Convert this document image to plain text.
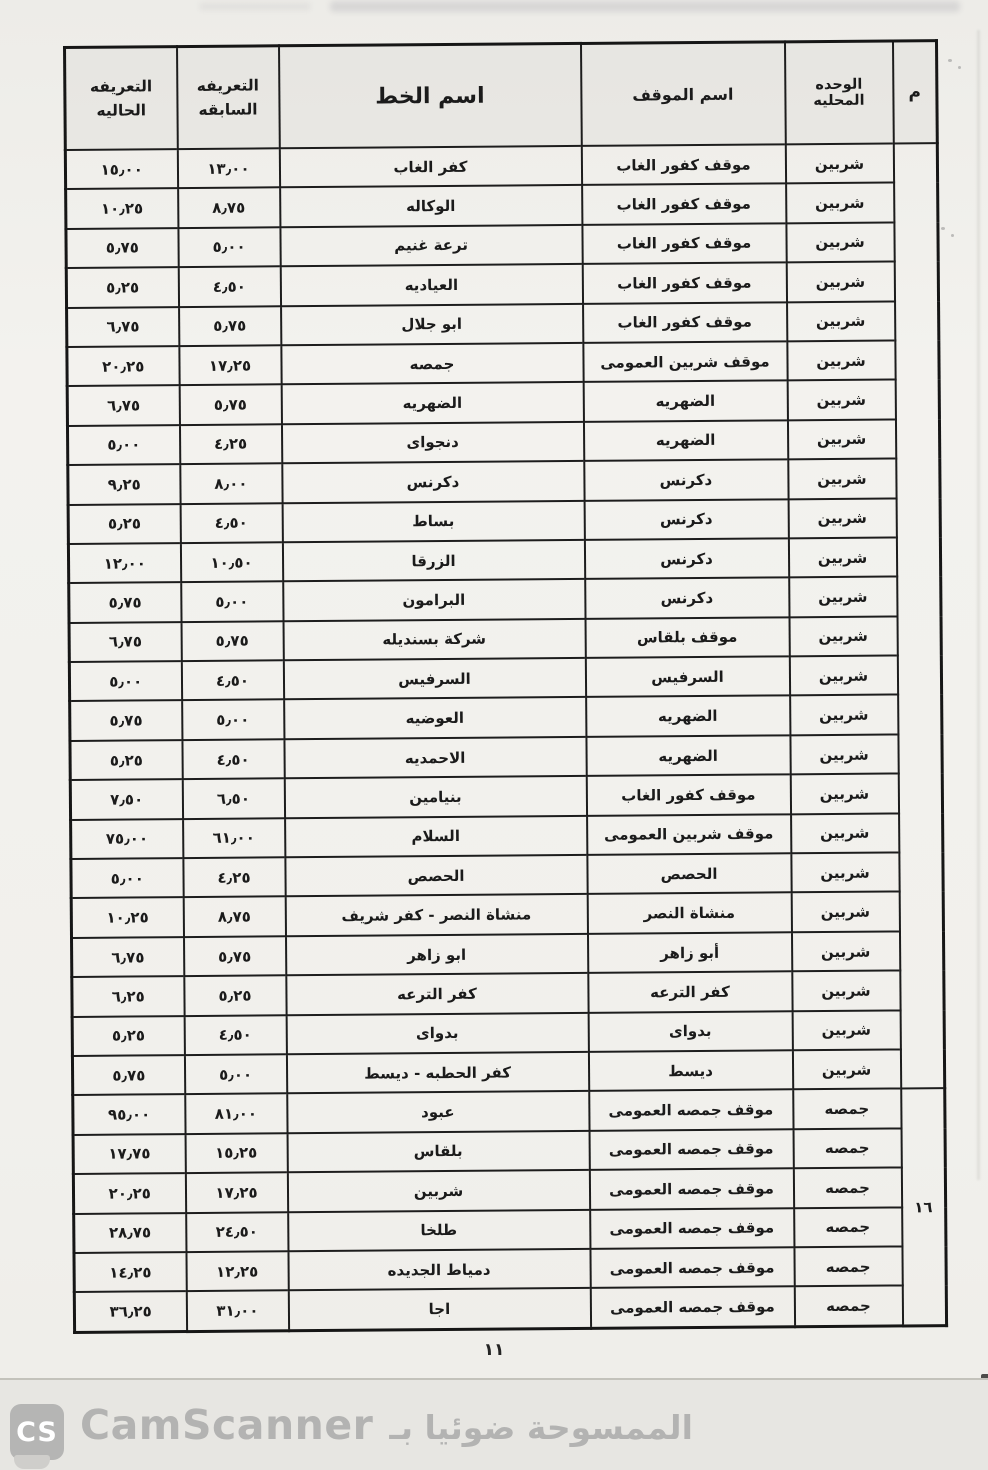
م	الوحده المحليه	اسم الموقف	اسم الخط	التعريفه السابقه	التعريفه الحاليه
	شربين	موقف كفور الغاب	كفر الغاب	١٣٫٠٠	١٥٫٠٠
	شربين	موقف كفور الغاب	الوكاله	٨٫٧٥	١٠٫٢٥
	شربين	موقف كفور الغاب	ترعة غنيم	٥٫٠٠	٥٫٧٥
	شربين	موقف كفور الغاب	العياديه	٤٫٥٠	٥٫٢٥
	شربين	موقف كفور الغاب	ابو جلال	٥٫٧٥	٦٫٧٥
	شربين	موقف شربين العمومى	جمصه	١٧٫٢٥	٢٠٫٢٥
	شربين	الضهريه	الضهريه	٥٫٧٥	٦٫٧٥
	شربين	الضهريه	دنجواى	٤٫٢٥	٥٫٠٠
	شربين	دكرنس	دكرنس	٨٫٠٠	٩٫٢٥
	شربين	دكرنس	بساط	٤٫٥٠	٥٫٢٥
	شربين	دكرنس	الزرقا	١٠٫٥٠	١٢٫٠٠
	شربين	دكرنس	البرامون	٥٫٠٠	٥٫٧٥
	شربين	موقف بلقاس	شركة بسنديله	٥٫٧٥	٦٫٧٥
	شربين	السرفيس	السرفيس	٤٫٥٠	٥٫٠٠
	شربين	الضهريه	العوضيه	٥٫٠٠	٥٫٧٥
	شربين	الضهريه	الاحمديه	٤٫٥٠	٥٫٢٥
	شربين	موقف كفور الغاب	بنيامين	٦٫٥٠	٧٫٥٠
	شربين	موقف شربين العمومى	السلام	٦١٫٠٠	٧٥٫٠٠
	شربين	الحصص	الحصص	٤٫٢٥	٥٫٠٠
	شربين	منشاة النصر	منشاة النصر - كفر شريف	٨٫٧٥	١٠٫٢٥
	شربين	أبو زاهر	ابو زاهر	٥٫٧٥	٦٫٧٥
	شربين	كفر الترعه	كفر الترعه	٥٫٢٥	٦٫٢٥
	شربين	بدواى	بدواى	٤٫٥٠	٥٫٢٥
	شربين	ديسط	كفر الحطبه - ديسط	٥٫٠٠	٥٫٧٥
١٦	جمصه	موقف جمصه العمومى	عبود	٨١٫٠٠	٩٥٫٠٠
	جمصه	موقف جمصه العمومى	بلقاس	١٥٫٢٥	١٧٫٧٥
	جمصه	موقف جمصه العمومى	شربين	١٧٫٢٥	٢٠٫٢٥
	جمصه	موقف جمصه العمومى	طلخا	٢٤٫٥٠	٢٨٫٧٥
	جمصه	موقف جمصه العمومى	دمياط الجديده	١٢٫٢٥	١٤٫٢٥
	جمصه	موقف جمصه العمومى	اجا	٣١٫٠٠	٣٦٫٢٥
١١
CS CamScanner الممسوحة ضوئيا بـ
